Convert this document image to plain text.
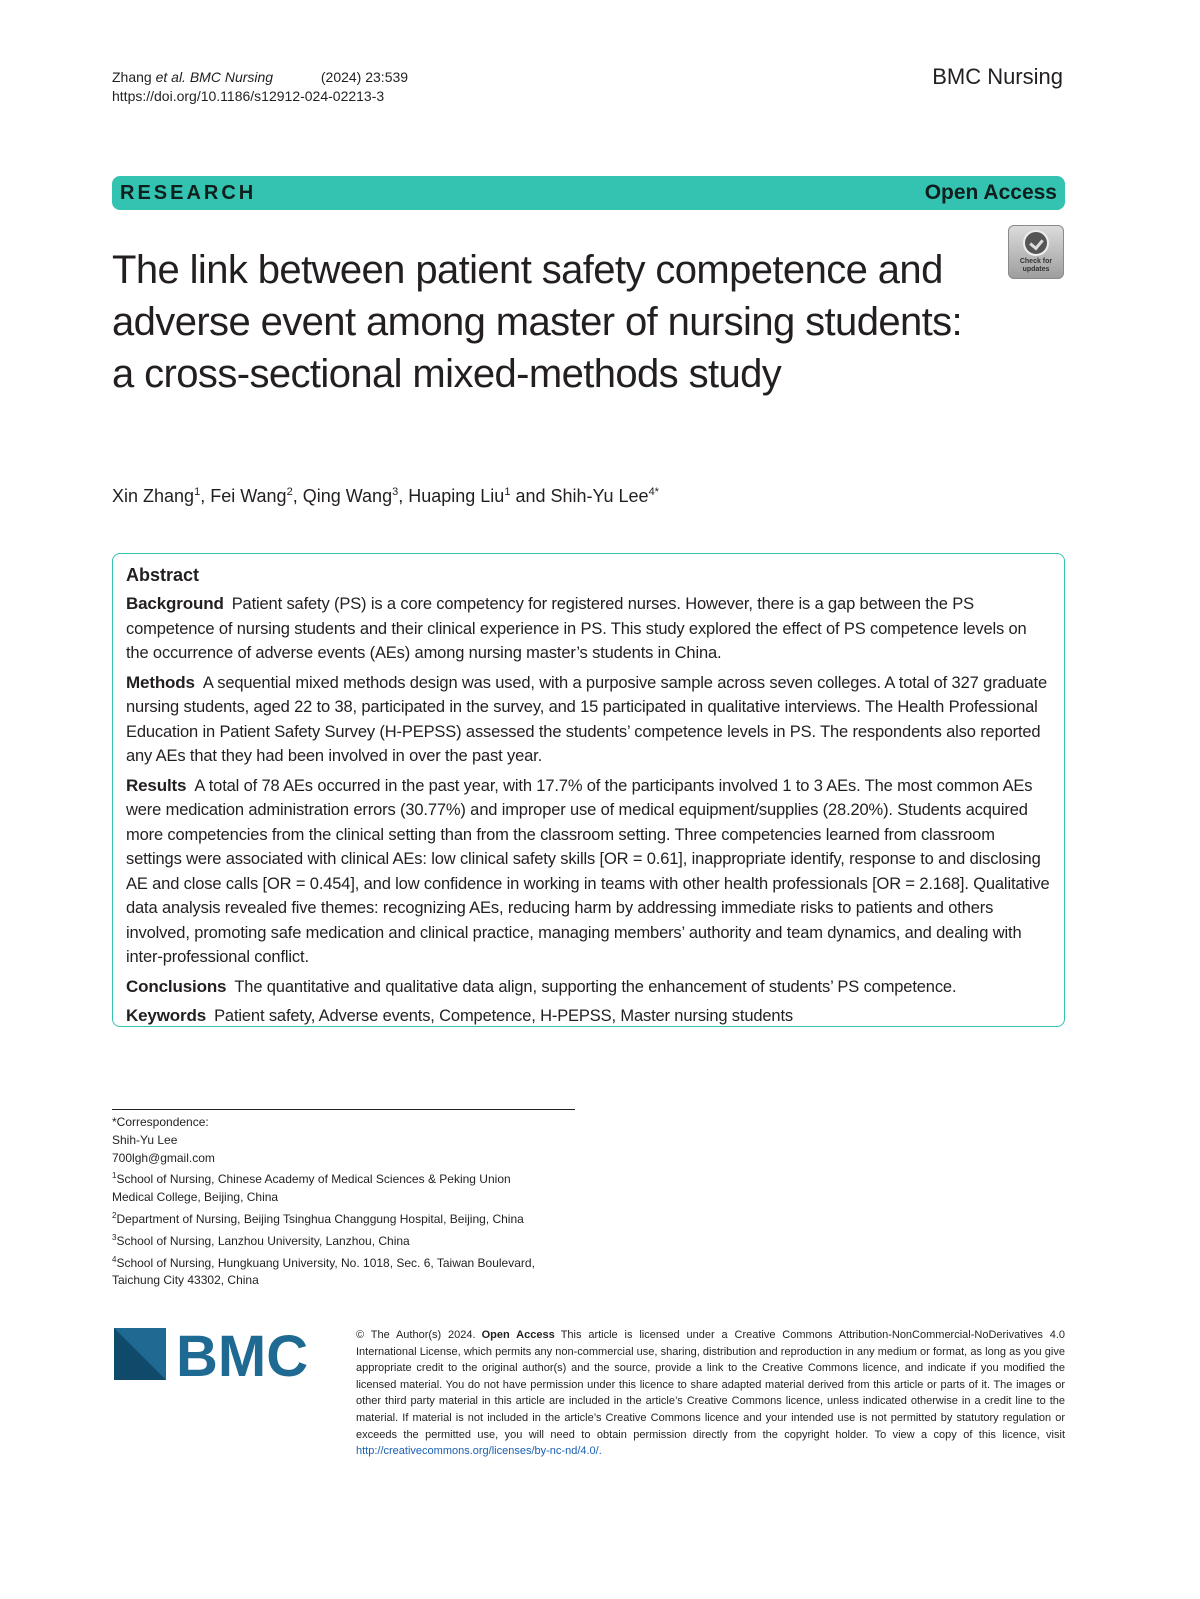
Zhang et al. BMC Nursing	(2024) 23:539
https://doi.org/10.1186/s12912-024-02213-3
BMC Nursing
RESEARCH	Open Access
The link between patient safety competence and adverse event among master of nursing students: a cross-sectional mixed-methods study
Check for
updates
Xin Zhang$^1$, Fei Wang$^2$, Qing Wang$^3$, Huaping Liu$^1$ and Shih-Yu Lee$^{4*}$
Abstract

Background Patient safety (PS) is a core competency for registered nurses. However, there is a gap between the PS competence of nursing students and their clinical experience in PS. This study explored the effect of PS competence levels on the occurrence of adverse events (AEs) among nursing master’s students in China.

Methods A sequential mixed methods design was used, with a purposive sample across seven colleges. A total of 327 graduate nursing students, aged 22 to 38, participated in the survey, and 15 participated in qualitative interviews. The Health Professional Education in Patient Safety Survey (H-PEPSS) assessed the students’ competence levels in PS. The respondents also reported any AEs that they had been involved in over the past year.

Results A total of 78 AEs occurred in the past year, with 17.7% of the participants involved 1 to 3 AEs. The most common AEs were medication administration errors (30.77%) and improper use of medical equipment/supplies (28.20%). Students acquired more competencies from the clinical setting than from the classroom setting. Three competencies learned from classroom settings were associated with clinical AEs: low clinical safety skills [OR = 0.61], inappropriate identify, response to and disclosing AE and close calls [OR = 0.454], and low confidence in working in teams with other health professionals [OR = 2.168]. Qualitative data analysis revealed five themes: recognizing AEs, reducing harm by addressing immediate risks to patients and others involved, promoting safe medication and clinical practice, managing members’ authority and team dynamics, and dealing with inter-professional conflict.

Conclusions The quantitative and qualitative data align, supporting the enhancement of students’ PS competence.

Keywords Patient safety, Adverse events, Competence, H-PEPSS, Master nursing students

*Correspondence:
Shih-Yu Lee
700lgh@gmail.com
$^1$School of Nursing, Chinese Academy of Medical Sciences & Peking Union Medical College, Beijing, China
$^2$Department of Nursing, Beijing Tsinghua Changgung Hospital, Beijing, China
$^3$School of Nursing, Lanzhou University, Lanzhou, China
$^4$School of Nursing, Hungkuang University, No. 1018, Sec. 6, Taiwan Boulevard, Taichung City 43302, China
BMC	© The Author(s) 2024. Open Access This article is licensed under a Creative Commons Attribution-NonCommercial-NoDerivatives 4.0 International License, which permits any non-commercial use, sharing, distribution and reproduction in any medium or format, as long as you give appropriate credit to the original author(s) and the source, provide a link to the Creative Commons licence, and indicate if you modified the licensed material. You do not have permission under this licence to share adapted material derived from this article or parts of it. The images or other third party material in this article are included in the article’s Creative Commons licence, unless indicated otherwise in a credit line to the material. If material is not included in the article’s Creative Commons licence and your intended use is not permitted by statutory regulation or exceeds the permitted use, you will need to obtain permission directly from the copyright holder. To view a copy of this licence, visit http://creativecommons.org/licenses/by-nc-nd/4.0/.
